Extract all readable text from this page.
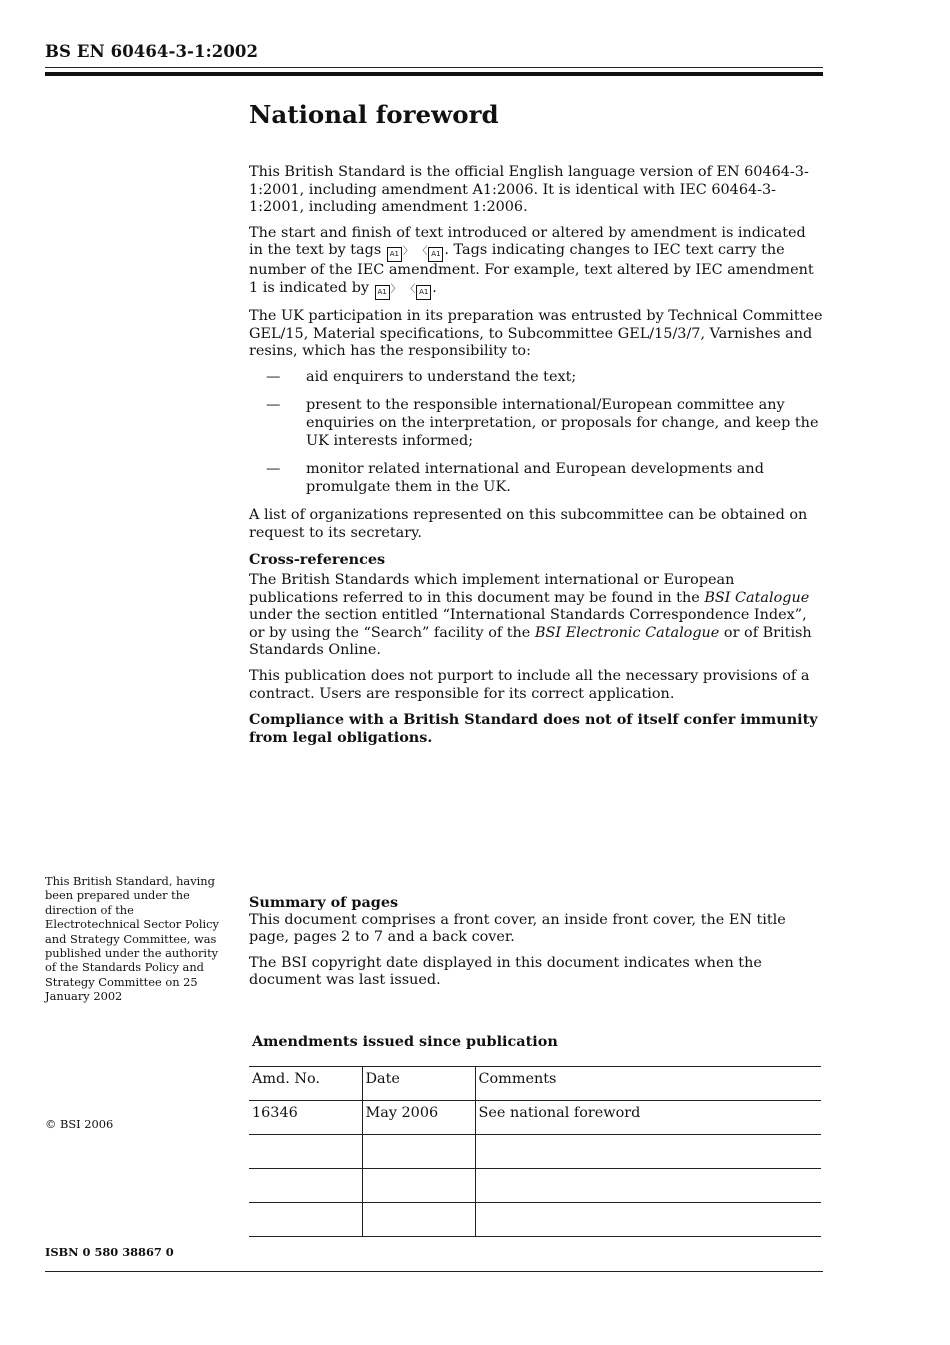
BS EN 60464-3-1:2002
National foreword

This British Standard is the official English language version of EN 60464-3-1:2001, including amendment A1:2006. It is identical with IEC 60464-3-1:2001, including amendment 1:2006.

The start and finish of text introduced or altered by amendment is indicated in the text by tags A1 〉 〈 A1 . Tags indicating changes to IEC text carry the number of the IEC amendment. For example, text altered by IEC amendment 1 is indicated by A1 〉 〈 A1 .

The UK participation in its preparation was entrusted by Technical Committee GEL/15, Material specifications, to Subcommittee GEL/15/3/7, Varnishes and resins, which has the responsibility to:

— aid enquirers to understand the text;
— present to the responsible international/European committee any enquiries on the interpretation, or proposals for change, and keep the UK interests informed;
— monitor related international and European developments and promulgate them in the UK.

A list of organizations represented on this subcommittee can be obtained on request to its secretary.

Cross-references

The British Standards which implement international or European publications referred to in this document may be found in the BSI Catalogue under the section entitled “International Standards Correspondence Index”, or by using the “Search” facility of the BSI Electronic Catalogue or of British Standards Online.

This publication does not purport to include all the necessary provisions of a contract. Users are responsible for its correct application.

Compliance with a British Standard does not of itself confer immunity from legal obligations.

This British Standard, having been prepared under the direction of the Electrotechnical Sector Policy and Strategy Committee, was published under the authority of the Standards Policy and Strategy Committee on 25 January 2002

Summary of pages

This document comprises a front cover, an inside front cover, the EN title page, pages 2 to 7 and a back cover.

The BSI copyright date displayed in this document indicates when the document was last issued.

Amendments issued since publication
Amd. No.	Date	Comments
16346	May 2006	See national foreword

© BSI 2006
ISBN 0 580 38867 0
